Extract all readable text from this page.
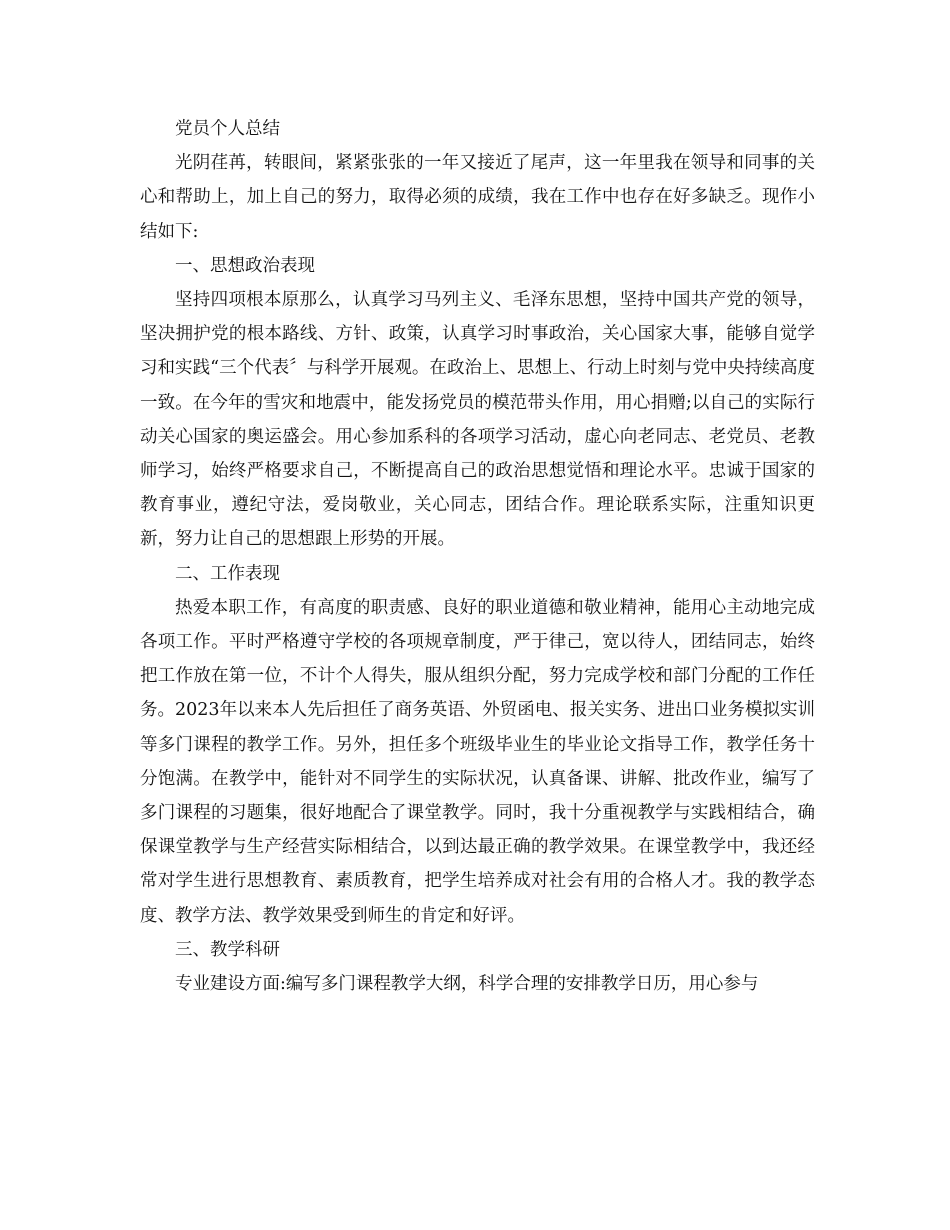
党员个人总结

光阴荏苒，转眼间，紧紧张张的一年又接近了尾声，这一年里我在领导和同事的关心和帮助上，加上自己的努力，取得必须的成绩，我在工作中也存在好多缺乏。现作小结如下:

一、思想政治表现

坚持四项根本原那么，认真学习马列主义、毛泽东思想，坚持中国共产党的领导，坚决拥护党的根本路线、方针、政策，认真学习时事政治，关心国家大事，能够自觉学习和实践“三个代表〞与科学开展观。在政治上、思想上、行动上时刻与党中央持续高度一致。在今年的雪灾和地震中，能发扬党员的模范带头作用，用心捐赠;以自己的实际行动关心国家的奥运盛会。用心参加系科的各项学习活动，虚心向老同志、老党员、老教师学习，始终严格要求自己，不断提高自己的政治思想觉悟和理论水平。忠诚于国家的教育事业，遵纪守法，爱岗敬业，关心同志，团结合作。理论联系实际，注重知识更新，努力让自己的思想跟上形势的开展。

二、工作表现

热爱本职工作，有高度的职责感、良好的职业道德和敬业精神，能用心主动地完成各项工作。平时严格遵守学校的各项规章制度，严于律己，宽以待人，团结同志，始终把工作放在第一位，不计个人得失，服从组织分配，努力完成学校和部门分配的工作任务。2023年以来本人先后担任了商务英语、外贸函电、报关实务、进出口业务模拟实训等多门课程的教学工作。另外，担任多个班级毕业生的毕业论文指导工作，教学任务十分饱满。在教学中，能针对不同学生的实际状况，认真备课、讲解、批改作业，编写了多门课程的习题集，很好地配合了课堂教学。同时，我十分重视教学与实践相结合，确保课堂教学与生产经营实际相结合，以到达最正确的教学效果。在课堂教学中，我还经常对学生进行思想教育、素质教育，把学生培养成对社会有用的合格人才。我的教学态度、教学方法、教学效果受到师生的肯定和好评。

三、教学科研

专业建设方面:编写多门课程教学大纲，科学合理的安排教学日历，用心参与
